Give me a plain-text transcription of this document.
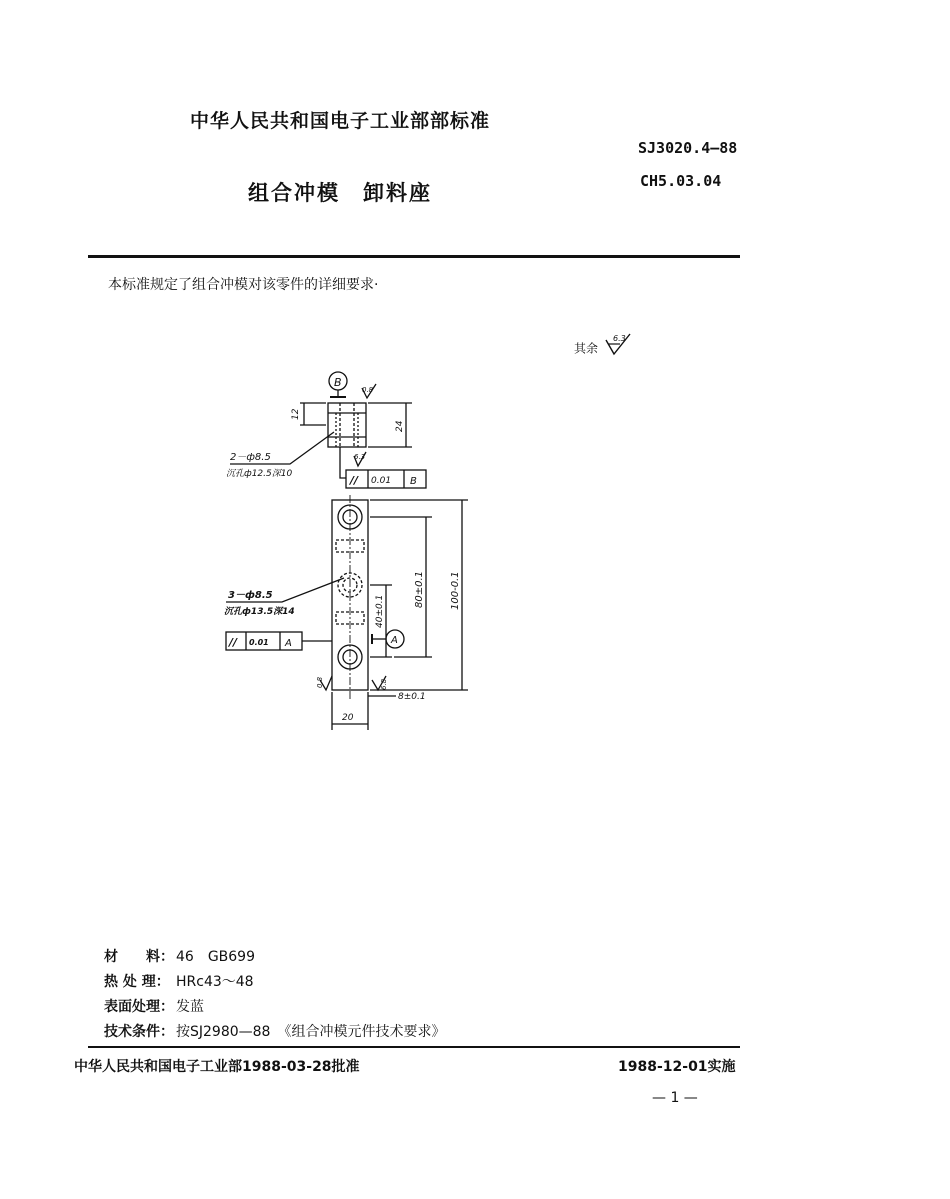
中华人民共和国电子工业部部标准
SJ3020.4—88
CH5.03.04
组合冲模　卸料座
本标准规定了组合冲模对该零件的详细要求·
其余
6.3
B
0.8
12
24
2－ф8.5
沉孔ф12.5深10
6.3
// 0.01 B
3－ф8.5
沉孔ф13.5深14
// 0.01 A	A
40±0.1
80±0.1	100-0.1
0.8	6.8
8±0.1
20
材　　料： 46　GB699
热 处 理： HRc43～48
表面处理： 发蓝
技术条件： 按SJ2980—88　《组合冲模元件技术要求》
中华人民共和国电子工业部1988-03-28批准	1988-12-01实施
— 1 —
